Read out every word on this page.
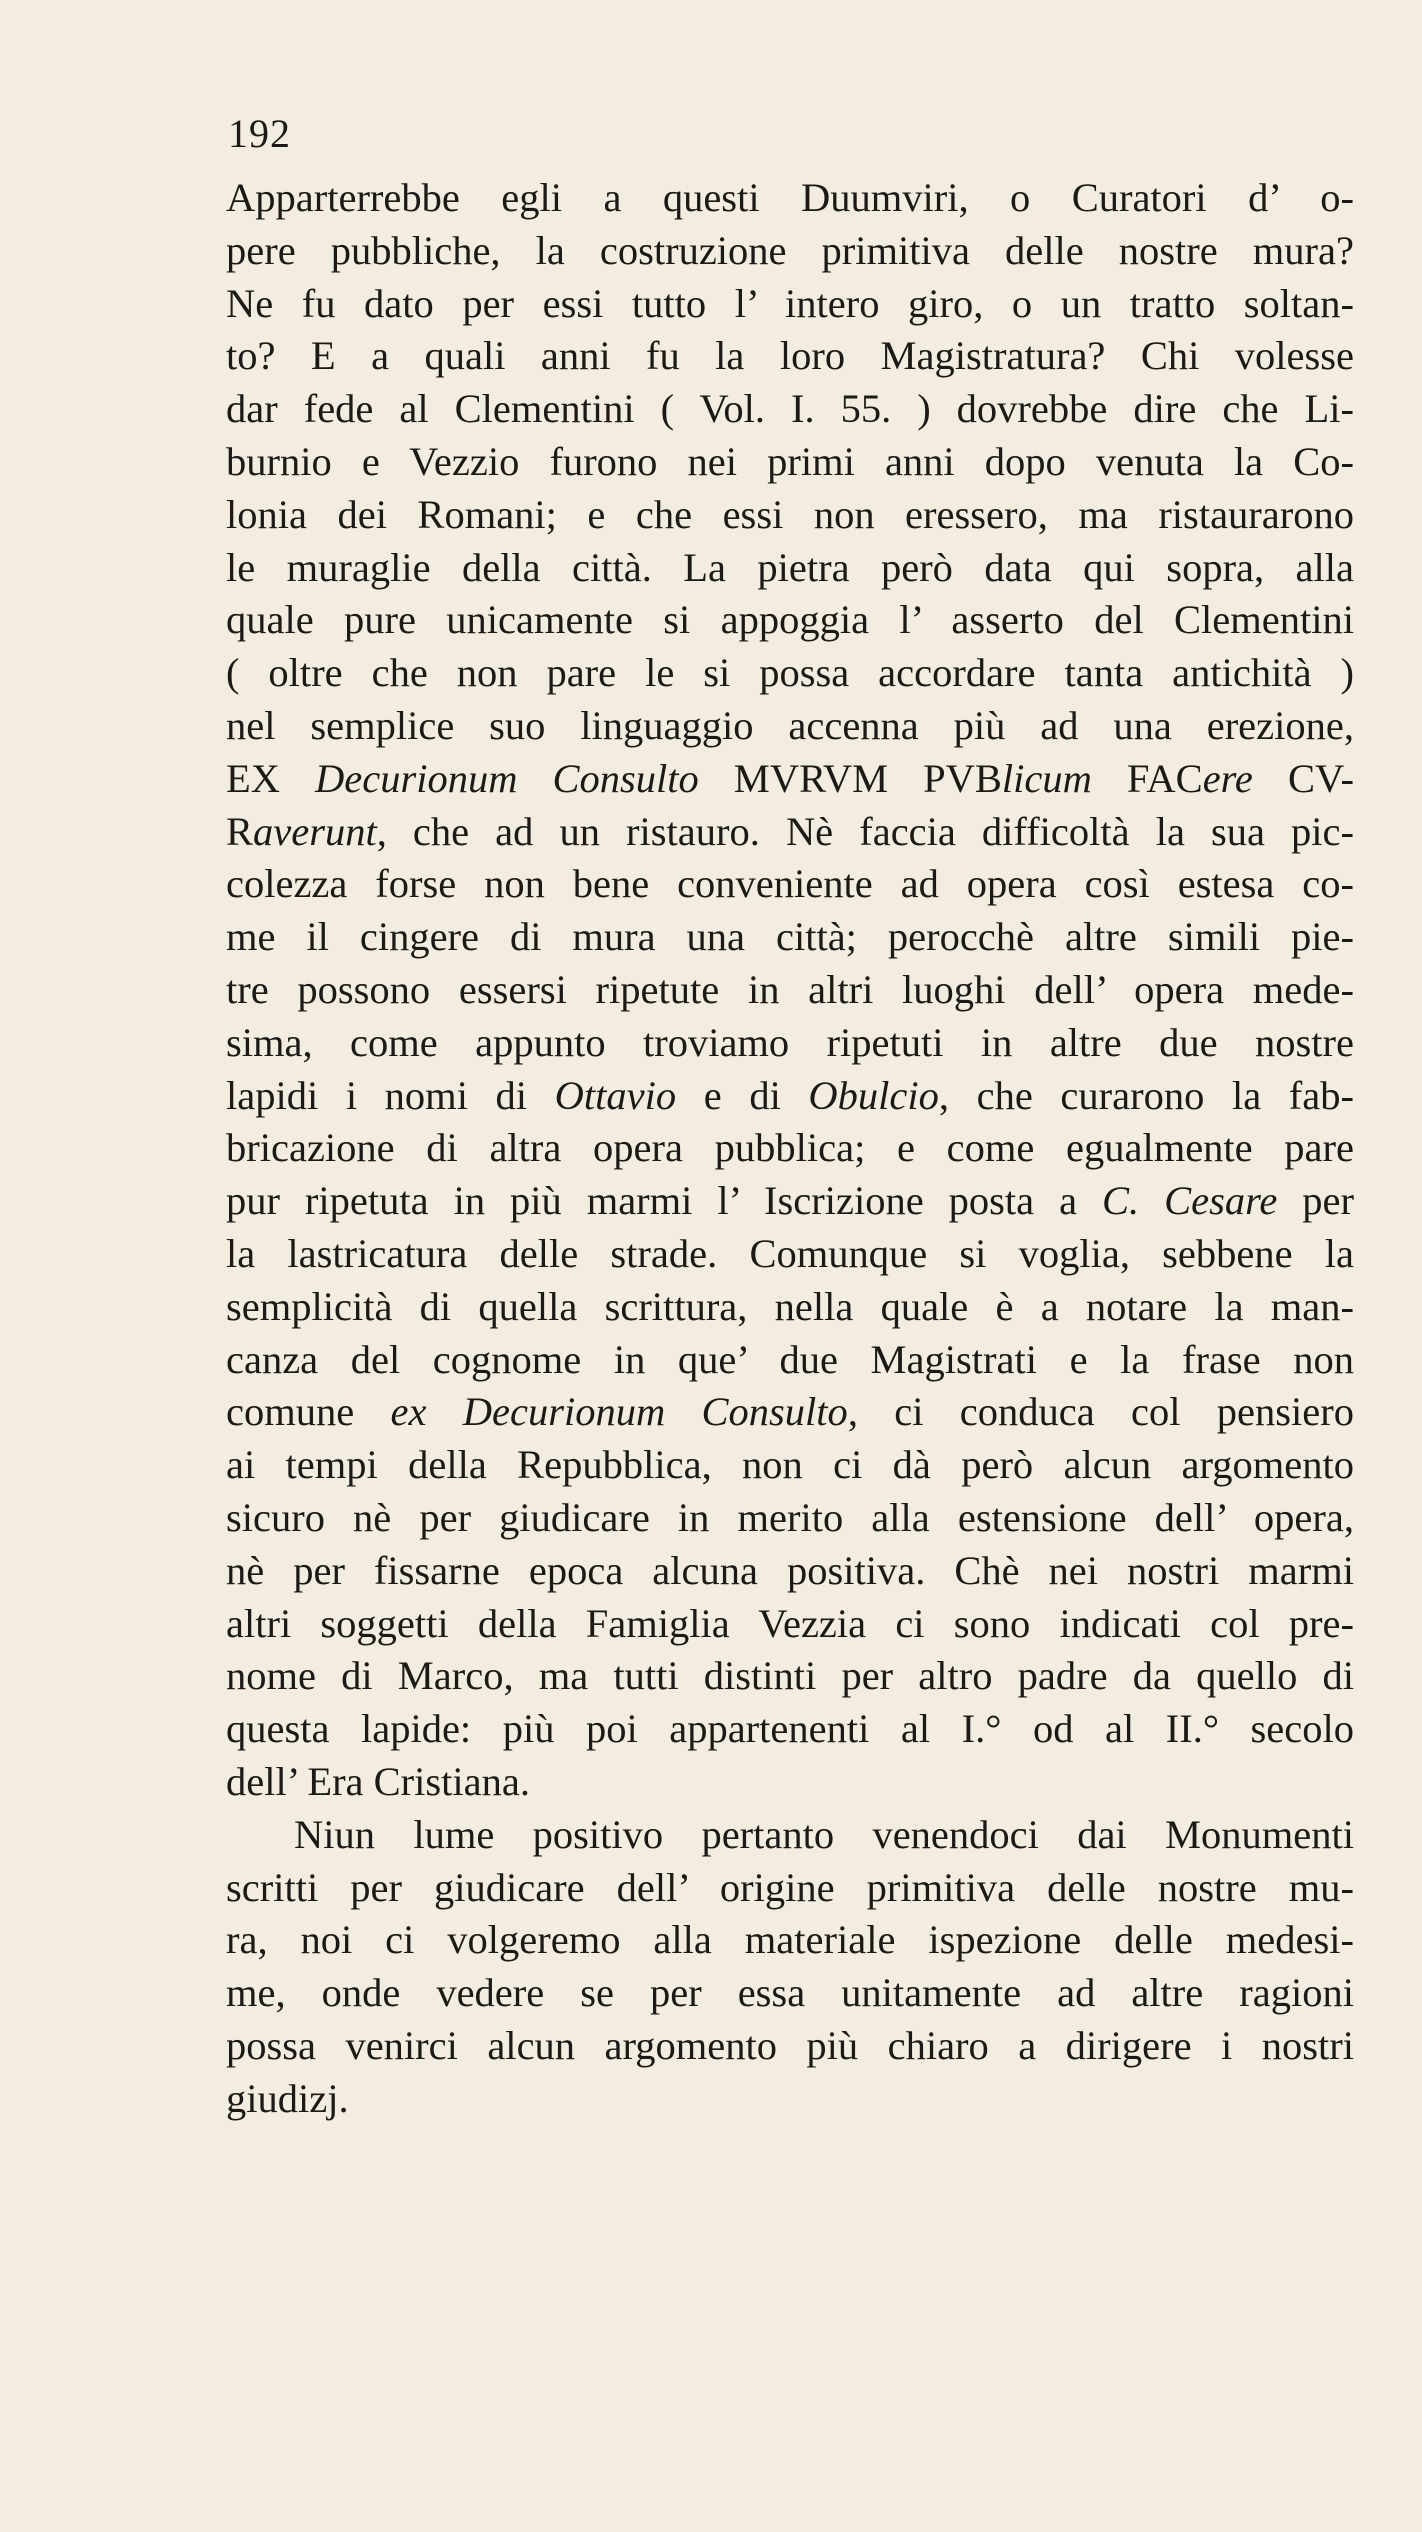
192
Apparterrebbe egli a questi Duumviri, o Curatori d’ o-
pere pubbliche, la costruzione primitiva delle nostre mura?
Ne fu dato per essi tutto l’ intero giro, o un tratto soltan-
to? E a quali anni fu la loro Magistratura? Chi volesse
dar fede al Clementini ( Vol. I. 55. ) dovrebbe dire che Li-
burnio e Vezzio furono nei primi anni dopo venuta la Co-
lonia dei Romani; e che essi non eressero, ma ristaurarono
le muraglie della città. La pietra però data qui sopra, alla
quale pure unicamente si appoggia l’ asserto del Clementini
( oltre che non pare le si possa accordare tanta antichità )
nel semplice suo linguaggio accenna più ad una erezione,
EX Decurionum Consulto MVRVM PVBlicum FACere CV-
Raverunt, che ad un ristauro. Nè faccia difficoltà la sua pic-
colezza forse non bene conveniente ad opera così estesa co-
me il cingere di mura una città; perocchè altre simili pie-
tre possono essersi ripetute in altri luoghi dell’ opera mede-
sima, come appunto troviamo ripetuti in altre due nostre
lapidi i nomi di Ottavio e di Obulcio, che curarono la fab-
bricazione di altra opera pubblica; e come egualmente pare
pur ripetuta in più marmi l’ Iscrizione posta a C. Cesare per
la lastricatura delle strade. Comunque si voglia, sebbene la
semplicità di quella scrittura, nella quale è a notare la man-
canza del cognome in que’ due Magistrati e la frase non
comune ex Decurionum Consulto, ci conduca col pensiero
ai tempi della Repubblica, non ci dà però alcun argomento
sicuro nè per giudicare in merito alla estensione dell’ opera,
nè per fissarne epoca alcuna positiva. Chè nei nostri marmi
altri soggetti della Famiglia Vezzia ci sono indicati col pre-
nome di Marco, ma tutti distinti per altro padre da quello di
questa lapide: più poi appartenenti al I.° od al II.° secolo
dell’ Era Cristiana.
Niun lume positivo pertanto venendoci dai Monumenti
scritti per giudicare dell’ origine primitiva delle nostre mu-
ra, noi ci volgeremo alla materiale ispezione delle medesi-
me, onde vedere se per essa unitamente ad altre ragioni
possa venirci alcun argomento più chiaro a dirigere i nostri
giudizj.
